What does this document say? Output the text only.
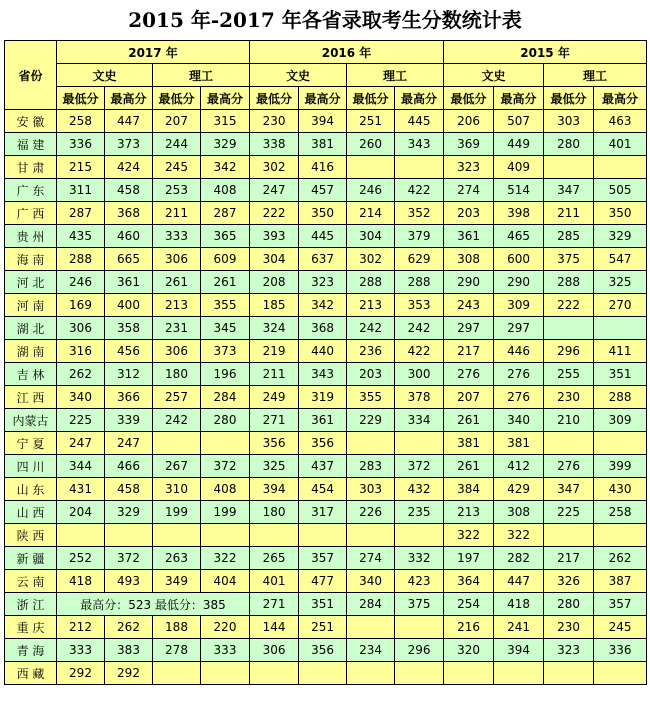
2015 年-2017 年各省录取考生分数统计表
省份	2017 年				2016 年				2015 年			
	文史		理工		文史		理工		文史		理工	
	最低分	最高分	最低分	最高分	最低分	最高分	最低分	最高分	最低分	最高分	最低分	最高分
安 徽	258	447	207	315	230	394	251	445	206	507	303	463
福 建	336	373	244	329	338	381	260	343	369	449	280	401
甘 肃	215	424	245	342	302	416			323	409		
广 东	311	458	253	408	247	457	246	422	274	514	347	505
广 西	287	368	211	287	222	350	214	352	203	398	211	350
贵 州	435	460	333	365	393	445	304	379	361	465	285	329
海 南	288	665	306	609	304	637	302	629	308	600	375	547
河 北	246	361	261	261	208	323	288	288	290	290	288	325
河 南	169	400	213	355	185	342	213	353	243	309	222	270
湖 北	306	358	231	345	324	368	242	242	297	297		
湖 南	316	456	306	373	219	440	236	422	217	446	296	411
吉 林	262	312	180	196	211	343	203	300	276	276	255	351
江 西	340	366	257	284	249	319	355	378	207	276	230	288
内蒙古	225	339	242	280	271	361	229	334	261	340	210	309
宁 夏	247	247			356	356			381	381		
四 川	344	466	267	372	325	437	283	372	261	412	276	399
山 东	431	458	310	408	394	454	303	432	384	429	347	430
山 西	204	329	199	199	180	317	226	235	213	308	225	258
陕 西									322	322		
新 疆	252	372	263	322	265	357	274	332	197	282	217	262
云 南	418	493	349	404	401	477	340	423	364	447	326	387
浙 江	最高分：523 最低分：385				271	351	284	375	254	418	280	357
重 庆	212	262	188	220	144	251			216	241	230	245
青 海	333	383	278	333	306	356	234	296	320	394	323	336
西 藏	292	292										
